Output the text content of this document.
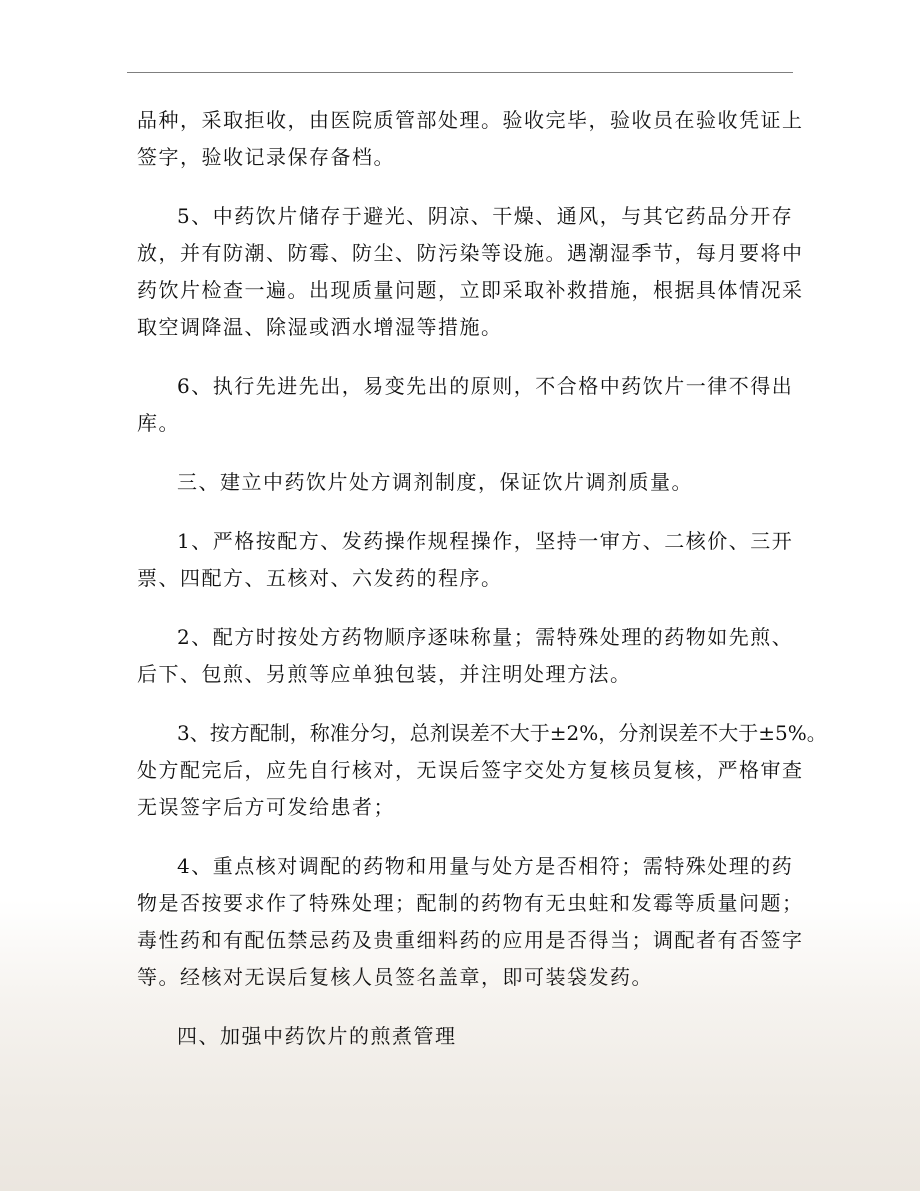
品种，采取拒收，由医院质管部处理。验收完毕，验收员在验收凭证上
签字，验收记录保存备档。
5、中药饮片储存于避光、阴凉、干燥、通风，与其它药品分开存
放，并有防潮、防霉、防尘、防污染等设施。遇潮湿季节，每月要将中
药饮片检查一遍。出现质量问题，立即采取补救措施，根据具体情况采
取空调降温、除湿或洒水增湿等措施。
6、执行先进先出，易变先出的原则，不合格中药饮片一律不得出
库。
三、建立中药饮片处方调剂制度，保证饮片调剂质量。
1、严格按配方、发药操作规程操作，坚持一审方、二核价、三开
票、四配方、五核对、六发药的程序。
2、配方时按处方药物顺序逐味称量；需特殊处理的药物如先煎、
后下、包煎、另煎等应单独包装，并注明处理方法。
3、按方配制，称准分匀，总剂误差不大于±2%，分剂误差不大于±5%。
处方配完后，应先自行核对，无误后签字交处方复核员复核，严格审查
无误签字后方可发给患者；
4、重点核对调配的药物和用量与处方是否相符；需特殊处理的药
物是否按要求作了特殊处理；配制的药物有无虫蛀和发霉等质量问题；
毒性药和有配伍禁忌药及贵重细料药的应用是否得当；调配者有否签字
等。经核对无误后复核人员签名盖章，即可装袋发药。
四、加强中药饮片的煎煮管理
